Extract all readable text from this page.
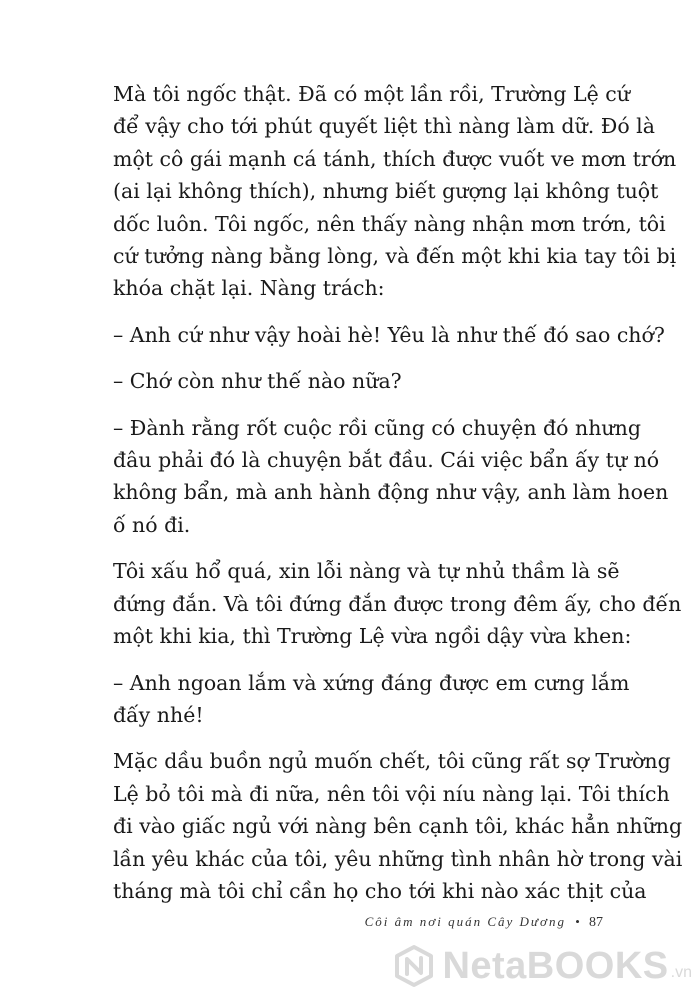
Mà tôi ngốc thật. Đã có một lần rồi, Trường Lệ cứ
để vậy cho tới phút quyết liệt thì nàng làm dữ. Đó là
một cô gái mạnh cá tánh, thích được vuốt ve mơn trớn
(ai lại không thích), nhưng biết gượng lại không tuột
dốc luôn. Tôi ngốc, nên thấy nàng nhận mơn trớn, tôi
cứ tưởng nàng bằng lòng, và đến một khi kia tay tôi bị
khóa chặt lại. Nàng trách:
– Anh cứ như vậy hoài hè! Yêu là như thế đó sao chớ?
– Chớ còn như thế nào nữa?
– Đành rằng rốt cuộc rồi cũng có chuyện đó nhưng
đâu phải đó là chuyện bắt đầu. Cái việc bẩn ấy tự nó
không bẩn, mà anh hành động như vậy, anh làm hoen
ố nó đi.
Tôi xấu hổ quá, xin lỗi nàng và tự nhủ thầm là sẽ
đứng đắn. Và tôi đứng đắn được trong đêm ấy, cho đến
một khi kia, thì Trường Lệ vừa ngồi dậy vừa khen:
– Anh ngoan lắm và xứng đáng được em cưng lắm
đấy nhé!
Mặc dầu buồn ngủ muốn chết, tôi cũng rất sợ Trường
Lệ bỏ tôi mà đi nữa, nên tôi vội níu nàng lại. Tôi thích
đi vào giấc ngủ với nàng bên cạnh tôi, khác hẳn những
lần yêu khác của tôi, yêu những tình nhân hờ trong vài
tháng mà tôi chỉ cần họ cho tới khi nào xác thịt của
Côi âm nơi quán Cây Dương • 87
NetaBOOKS .vn
